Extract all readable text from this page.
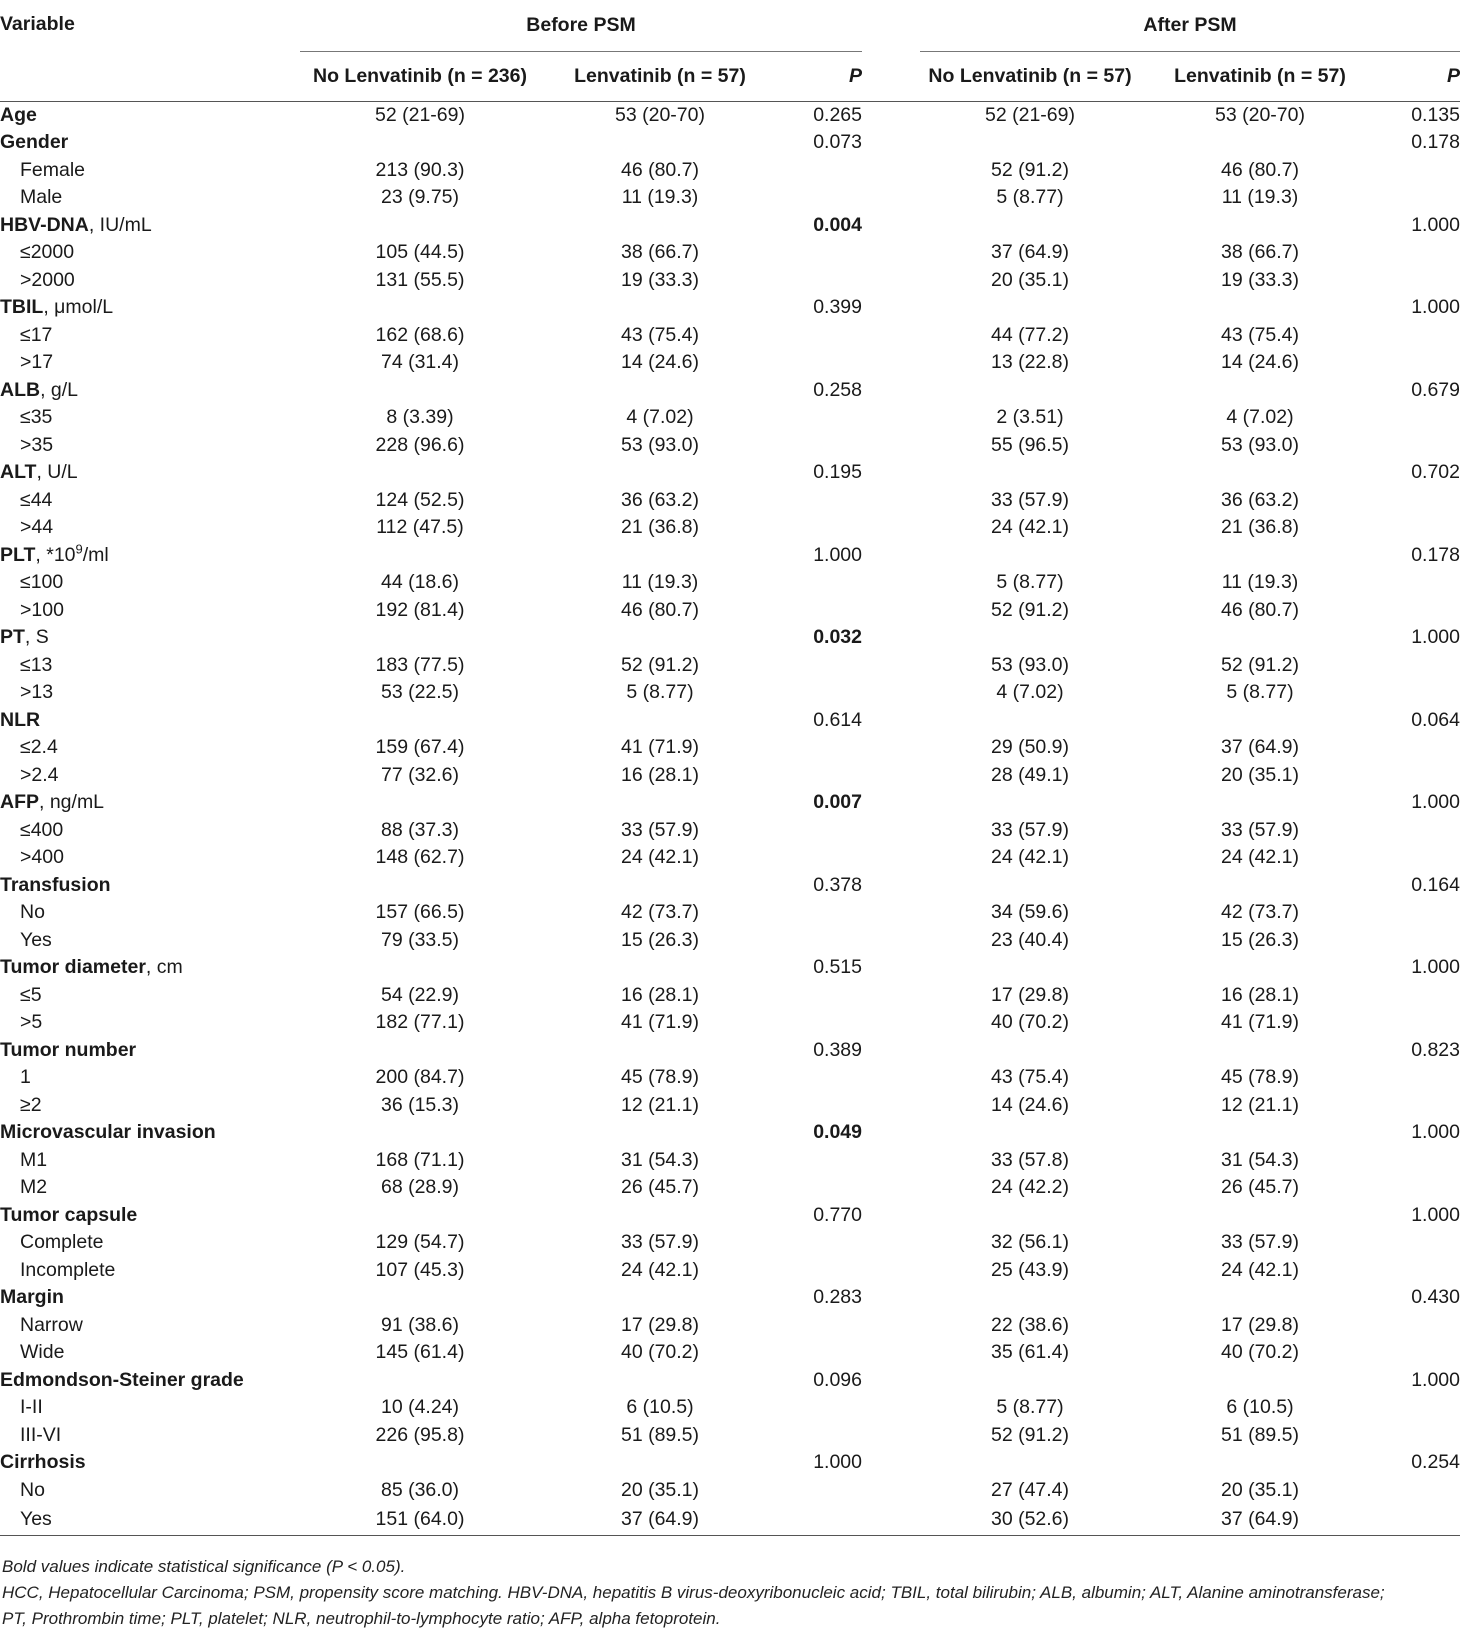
Variable	Before PSM				After PSM		
	No Lenvatinib (n = 236)	Lenvatinib (n = 57)	P		No Lenvatinib (n = 57)	Lenvatinib (n = 57)	P
Age	52 (21-69)	53 (20-70)	0.265		52 (21-69)	53 (20-70)	0.135
Gender			0.073				0.178
Female	213 (90.3)	46 (80.7)			52 (91.2)	46 (80.7)	
Male	23 (9.75)	11 (19.3)			5 (8.77)	11 (19.3)	
HBV-DNA, IU/mL			0.004				1.000
≤2000	105 (44.5)	38 (66.7)			37 (64.9)	38 (66.7)	
>2000	131 (55.5)	19 (33.3)			20 (35.1)	19 (33.3)	
TBIL, μmol/L			0.399				1.000
≤17	162 (68.6)	43 (75.4)			44 (77.2)	43 (75.4)	
>17	74 (31.4)	14 (24.6)			13 (22.8)	14 (24.6)	
ALB, g/L			0.258				0.679
≤35	8 (3.39)	4 (7.02)			2 (3.51)	4 (7.02)	
>35	228 (96.6)	53 (93.0)			55 (96.5)	53 (93.0)	
ALT, U/L			0.195				0.702
≤44	124 (52.5)	36 (63.2)			33 (57.9)	36 (63.2)	
>44	112 (47.5)	21 (36.8)			24 (42.1)	21 (36.8)	
PLT, $*10^9/ml$			1.000				0.178
≤100	44 (18.6)	11 (19.3)			5 (8.77)	11 (19.3)	
>100	192 (81.4)	46 (80.7)			52 (91.2)	46 (80.7)	
PT, S			0.032				1.000
≤13	183 (77.5)	52 (91.2)			53 (93.0)	52 (91.2)	
>13	53 (22.5)	5 (8.77)			4 (7.02)	5 (8.77)	
NLR			0.614				0.064
≤2.4	159 (67.4)	41 (71.9)			29 (50.9)	37 (64.9)	
>2.4	77 (32.6)	16 (28.1)			28 (49.1)	20 (35.1)	
AFP, ng/mL			0.007				1.000
≤400	88 (37.3)	33 (57.9)			33 (57.9)	33 (57.9)	
>400	148 (62.7)	24 (42.1)			24 (42.1)	24 (42.1)	
Transfusion			0.378				0.164
No	157 (66.5)	42 (73.7)			34 (59.6)	42 (73.7)	
Yes	79 (33.5)	15 (26.3)			23 (40.4)	15 (26.3)	
Tumor diameter, cm			0.515				1.000
≤5	54 (22.9)	16 (28.1)			17 (29.8)	16 (28.1)	
>5	182 (77.1)	41 (71.9)			40 (70.2)	41 (71.9)	
Tumor number			0.389				0.823
1	200 (84.7)	45 (78.9)			43 (75.4)	45 (78.9)	
≥2	36 (15.3)	12 (21.1)			14 (24.6)	12 (21.1)	
Microvascular invasion			0.049				1.000
M1	168 (71.1)	31 (54.3)			33 (57.8)	31 (54.3)	
M2	68 (28.9)	26 (45.7)			24 (42.2)	26 (45.7)	
Tumor capsule			0.770				1.000
Complete	129 (54.7)	33 (57.9)			32 (56.1)	33 (57.9)	
Incomplete	107 (45.3)	24 (42.1)			25 (43.9)	24 (42.1)	
Margin			0.283				0.430
Narrow	91 (38.6)	17 (29.8)			22 (38.6)	17 (29.8)	
Wide	145 (61.4)	40 (70.2)			35 (61.4)	40 (70.2)	
Edmondson-Steiner grade			0.096				1.000
I-II	10 (4.24)	6 (10.5)			5 (8.77)	6 (10.5)	
III-VI	226 (95.8)	51 (89.5)			52 (91.2)	51 (89.5)	
Cirrhosis			1.000				0.254
No	85 (36.0)	20 (35.1)			27 (47.4)	20 (35.1)	
Yes	151 (64.0)	37 (64.9)			30 (52.6)	37 (64.9)	
Bold values indicate statistical significance (P < 0.05).
HCC, Hepatocellular Carcinoma; PSM, propensity score matching. HBV-DNA, hepatitis B virus-deoxyribonucleic acid; TBIL, total bilirubin; ALB, albumin; ALT, Alanine aminotransferase;
PT, Prothrombin time; PLT, platelet; NLR, neutrophil-to-lymphocyte ratio; AFP, alpha fetoprotein.
